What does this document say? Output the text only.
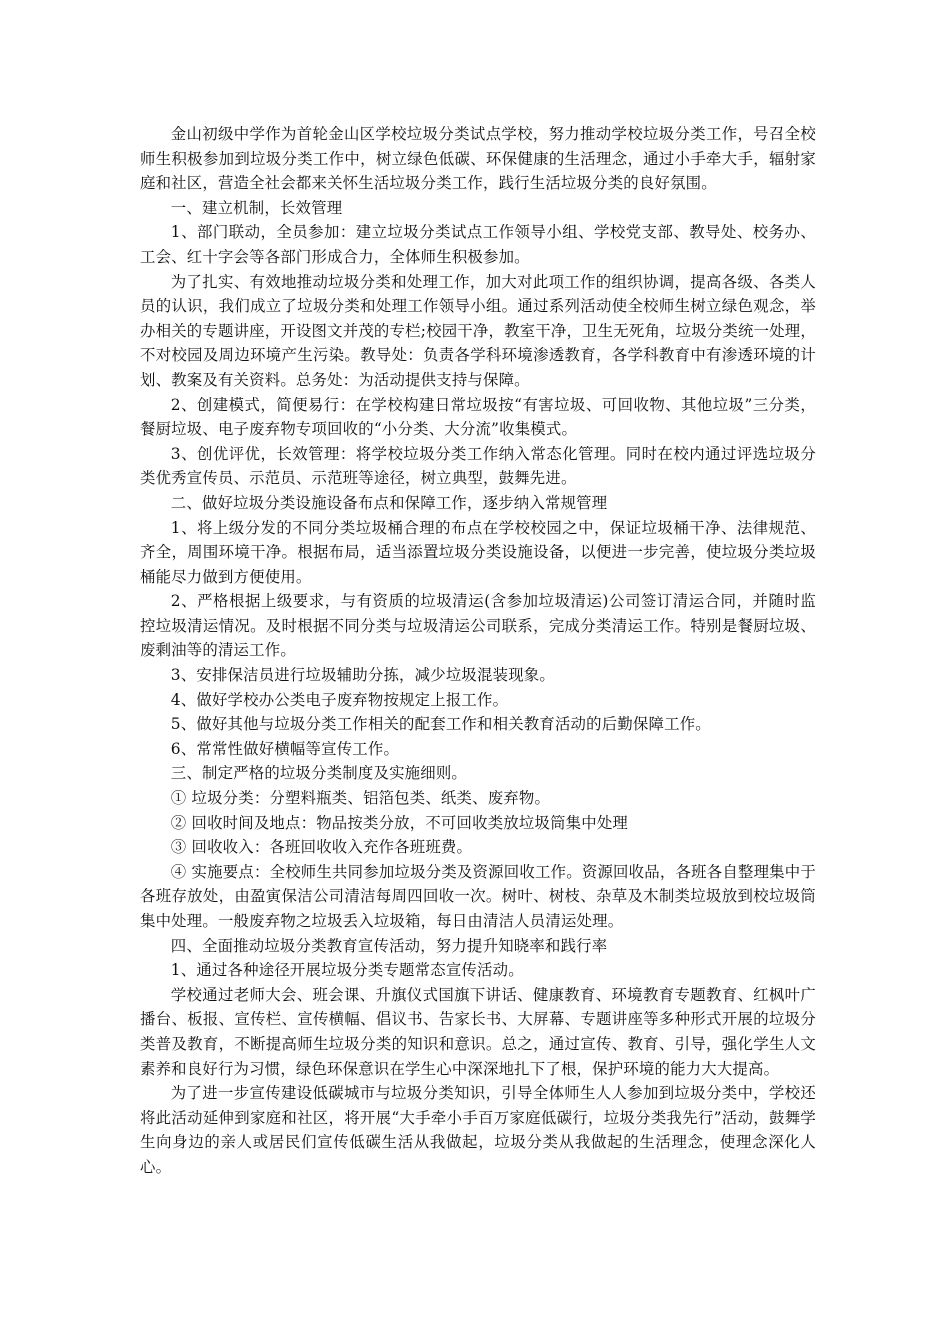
金山初级中学作为首轮金山区学校垃圾分类试点学校，努力推动学校垃圾分类工作，号召全校师生积极参加到垃圾分类工作中，树立绿色低碳、环保健康的生活理念，通过小手牵大手，辐射家庭和社区，营造全社会都来关怀生活垃圾分类工作，践行生活垃圾分类的良好氛围。

一、建立机制，长效管理

1、部门联动，全员参加：建立垃圾分类试点工作领导小组、学校党支部、教导处、校务办、工会、红十字会等各部门形成合力，全体师生积极参加。

为了扎实、有效地推动垃圾分类和处理工作，加大对此项工作的组织协调，提高各级、各类人员的认识，我们成立了垃圾分类和处理工作领导小组。通过系列活动使全校师生树立绿色观念，举办相关的专题讲座，开设图文并茂的专栏;校园干净，教室干净，卫生无死角，垃圾分类统一处理，不对校园及周边环境产生污染。教导处：负责各学科环境渗透教育，各学科教育中有渗透环境的计划、教案及有关资料。总务处：为活动提供支持与保障。

2、创建模式，简便易行：在学校构建日常垃圾按“有害垃圾、可回收物、其他垃圾”三分类，餐厨垃圾、电子废弃物专项回收的“小分类、大分流”收集模式。

3、创优评优，长效管理：将学校垃圾分类工作纳入常态化管理。同时在校内通过评选垃圾分类优秀宣传员、示范员、示范班等途径，树立典型，鼓舞先进。

二、做好垃圾分类设施设备布点和保障工作，逐步纳入常规管理

1、将上级分发的不同分类垃圾桶合理的布点在学校校园之中，保证垃圾桶干净、法律规范、齐全，周围环境干净。根据布局，适当添置垃圾分类设施设备，以便进一步完善，使垃圾分类垃圾桶能尽力做到方便使用。

2、严格根据上级要求，与有资质的垃圾清运(含参加垃圾清运)公司签订清运合同，并随时监控垃圾清运情况。及时根据不同分类与垃圾清运公司联系，完成分类清运工作。特别是餐厨垃圾、废剩油等的清运工作。

3、安排保洁员进行垃圾辅助分拣，减少垃圾混装现象。

4、做好学校办公类电子废弃物按规定上报工作。

5、做好其他与垃圾分类工作相关的配套工作和相关教育活动的后勤保障工作。

6、常常性做好横幅等宣传工作。

三、制定严格的垃圾分类制度及实施细则。

① 垃圾分类：分塑料瓶类、铝箔包类、纸类、废弃物。

② 回收时间及地点：物品按类分放，不可回收类放垃圾筒集中处理

③ 回收收入：各班回收收入充作各班班费。

④ 实施要点：全校师生共同参加垃圾分类及资源回收工作。资源回收品，各班各自整理集中于各班存放处，由盈寅保洁公司清洁每周四回收一次。树叶、树枝、杂草及木制类垃圾放到校垃圾筒集中处理。一般废弃物之垃圾丢入垃圾箱，每日由清洁人员清运处理。

四、全面推动垃圾分类教育宣传活动，努力提升知晓率和践行率

1、通过各种途径开展垃圾分类专题常态宣传活动。

学校通过老师大会、班会课、升旗仪式国旗下讲话、健康教育、环境教育专题教育、红枫叶广播台、板报、宣传栏、宣传横幅、倡议书、告家长书、大屏幕、专题讲座等多种形式开展的垃圾分类普及教育，不断提高师生垃圾分类的知识和意识。总之，通过宣传、教育、引导，强化学生人文素养和良好行为习惯，绿色环保意识在学生心中深深地扎下了根，保护环境的能力大大提高。

为了进一步宣传建设低碳城市与垃圾分类知识，引导全体师生人人参加到垃圾分类中，学校还将此活动延伸到家庭和社区，将开展“大手牵小手百万家庭低碳行，垃圾分类我先行”活动，鼓舞学生向身边的亲人或居民们宣传低碳生活从我做起，垃圾分类从我做起的生活理念，使理念深化人心。
